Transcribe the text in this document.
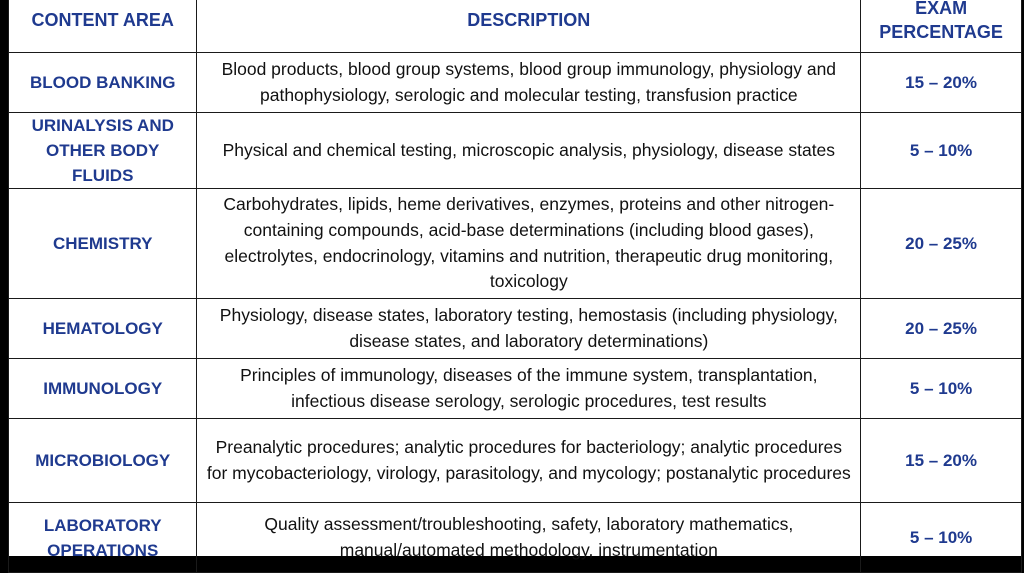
CONTENT AREA	DESCRIPTION	EXAM PERCENTAGE
BLOOD BANKING	Blood products, blood group systems, blood group immunology, physiology and pathophysiology, serologic and molecular testing, transfusion practice	15 – 20%
URINALYSIS AND OTHER BODY FLUIDS	Physical and chemical testing, microscopic analysis, physiology, disease states	5 – 10%
CHEMISTRY	Carbohydrates, lipids, heme derivatives, enzymes, proteins and other nitrogen-containing compounds, acid-base determinations (including blood gases), electrolytes, endocrinology, vitamins and nutrition, therapeutic drug monitoring, toxicology	20 – 25%
HEMATOLOGY	Physiology, disease states, laboratory testing, hemostasis (including physiology, disease states, and laboratory determinations)	20 – 25%
IMMUNOLOGY	Principles of immunology, diseases of the immune system, transplantation, infectious disease serology, serologic procedures, test results	5 – 10%
MICROBIOLOGY	Preanalytic procedures; analytic procedures for bacteriology; analytic procedures for mycobacteriology, virology, parasitology, and mycology; postanalytic procedures	15 – 20%
LABORATORY OPERATIONS	Quality assessment/troubleshooting, safety, laboratory mathematics, manual/automated methodology, instrumentation	5 – 10%
